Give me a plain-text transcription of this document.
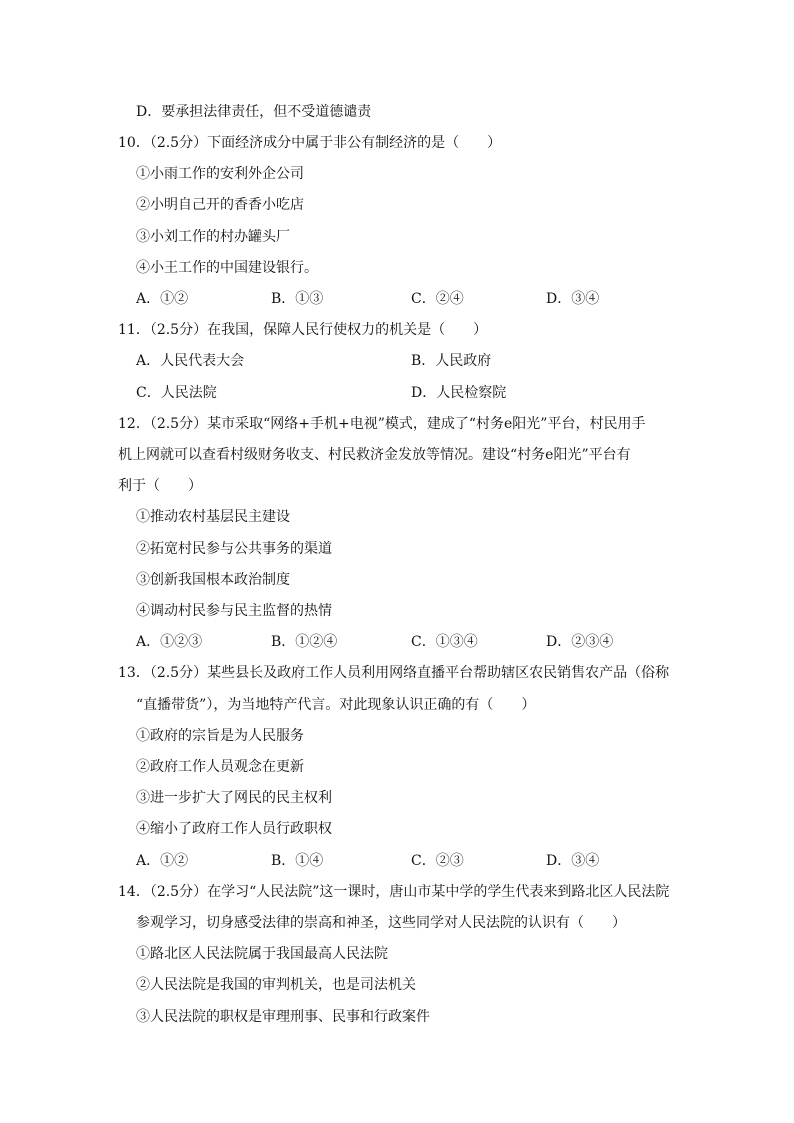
D．要承担法律责任，但不受道德谴责
10．（2.5分）下面经济成分中属于非公有制经济的是（　　）
①小雨工作的安利外企公司
②小明自己开的香香小吃店
③小刘工作的村办罐头厂
④小王工作的中国建设银行。
A．①②	B．①③	C．②④	D．③④
11．（2.5分）在我国，保障人民行使权力的机关是（　　）
A．人民代表大会	B．人民政府
C．人民法院	D．人民检察院
12．（2.5分）某市采取“网络+手机+电视”模式，建成了“村务e阳光”平台，村民用手
机上网就可以查看村级财务收支、村民救济金发放等情况。建设“村务e阳光”平台有
利于（　　）
①推动农村基层民主建设
②拓宽村民参与公共事务的渠道
③创新我国根本政治制度
④调动村民参与民主监督的热情
A．①②③	B．①②④	C．①③④	D．②③④
13．（2.5分）某些县长及政府工作人员利用网络直播平台帮助辖区农民销售农产品（俗称
“直播带货”），为当地特产代言。对此现象认识正确的有（　　）
①政府的宗旨是为人民服务
②政府工作人员观念在更新
③进一步扩大了网民的民主权利
④缩小了政府工作人员行政职权
A．①②	B．①④	C．②③	D．③④
14．（2.5分）在学习“人民法院”这一课时，唐山市某中学的学生代表来到路北区人民法院
参观学习，切身感受法律的崇高和神圣，这些同学对人民法院的认识有（　　）
①路北区人民法院属于我国最高人民法院
②人民法院是我国的审判机关，也是司法机关
③人民法院的职权是审理刑事、民事和行政案件
